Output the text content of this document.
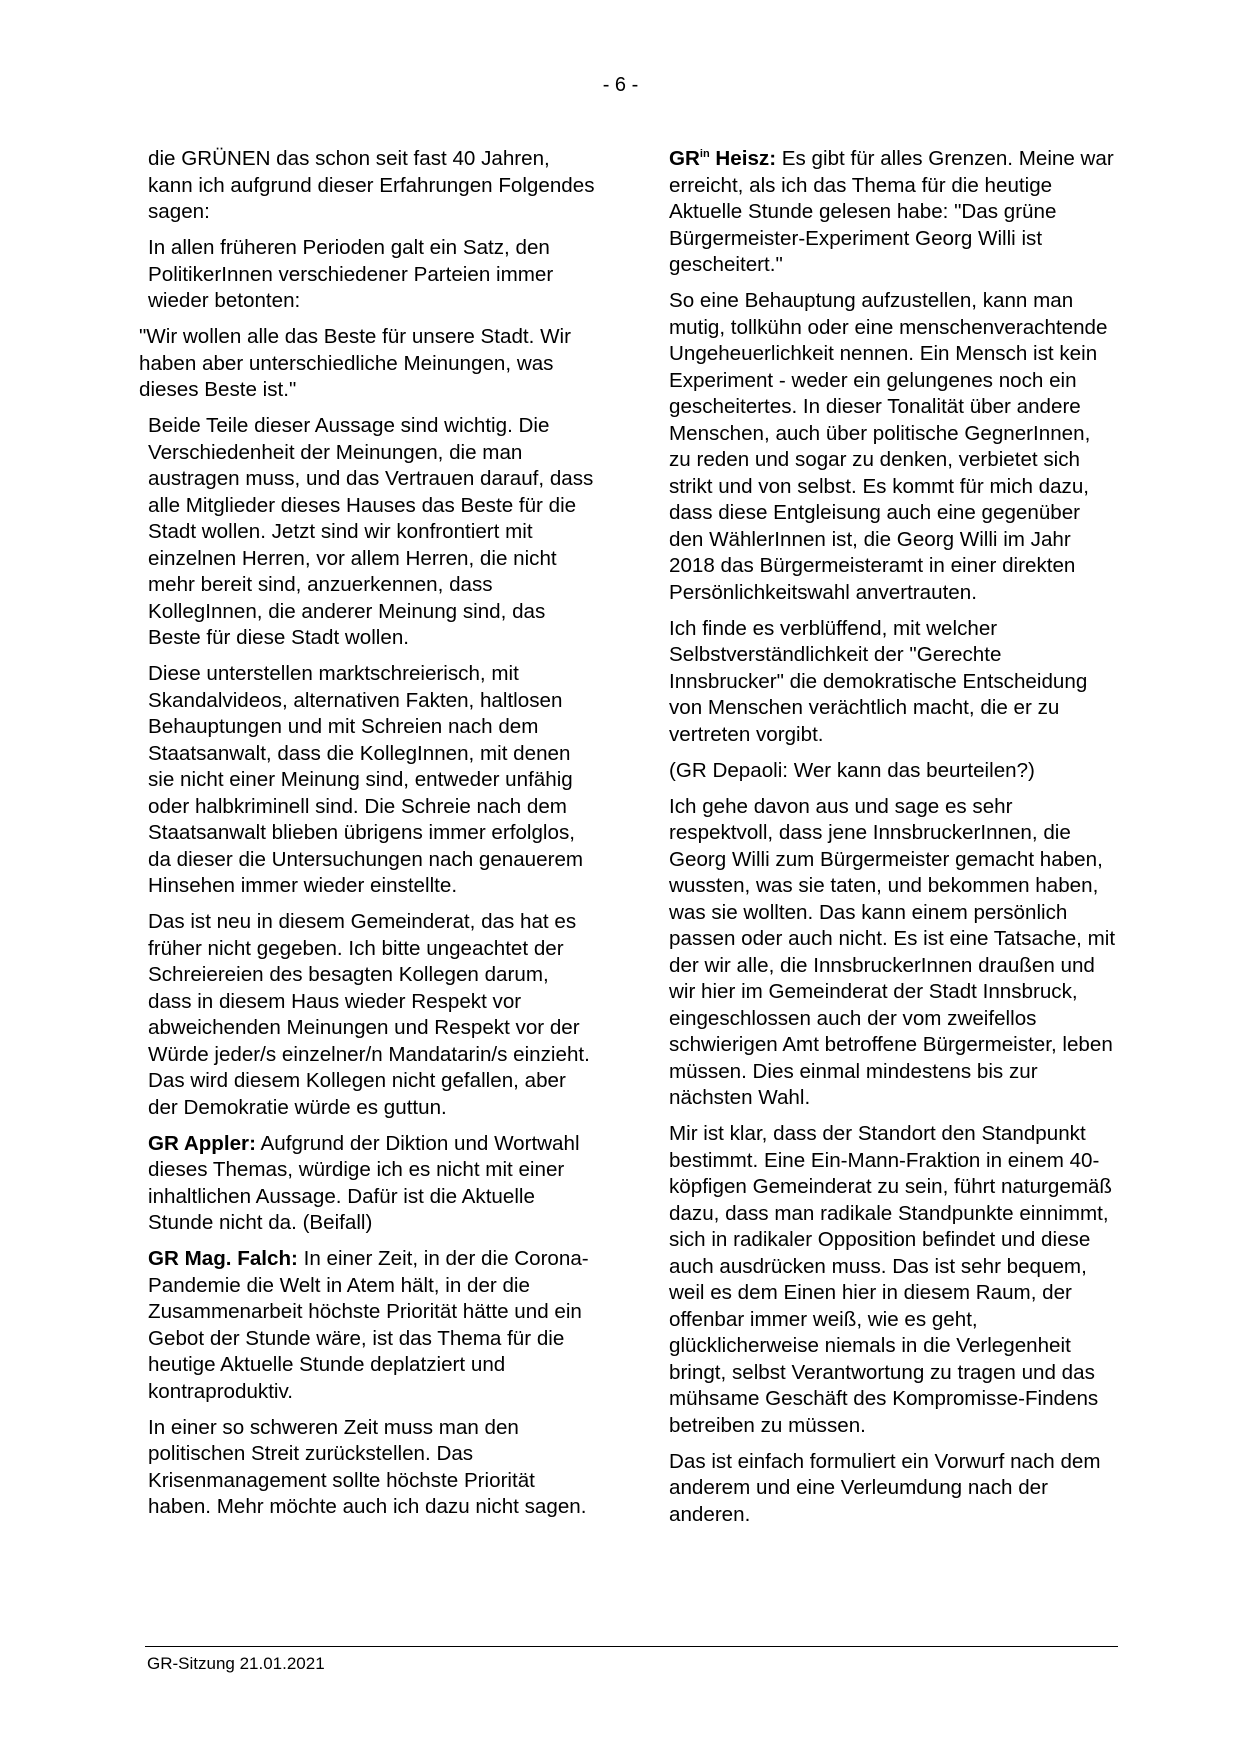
- 6 -

die GRÜNEN das schon seit fast 40 Jahren, kann ich aufgrund dieser Erfahrungen Folgendes sagen:

In allen früheren Perioden galt ein Satz, den PolitikerInnen verschiedener Parteien immer wieder betonten:

"Wir wollen alle das Beste für unsere Stadt. Wir haben aber unterschiedliche Meinungen, was dieses Beste ist."

Beide Teile dieser Aussage sind wichtig. Die Verschiedenheit der Meinungen, die man austragen muss, und das Vertrauen darauf, dass alle Mitglieder dieses Hauses das Beste für die Stadt wollen. Jetzt sind wir konfrontiert mit einzelnen Herren, vor allem Herren, die nicht mehr bereit sind, anzuerkennen, dass KollegInnen, die anderer Meinung sind, das Beste für diese Stadt wollen.

Diese unterstellen marktschreierisch, mit Skandalvideos, alternativen Fakten, haltlosen Behauptungen und mit Schreien nach dem Staatsanwalt, dass die KollegInnen, mit denen sie nicht einer Meinung sind, entweder unfähig oder halbkriminell sind. Die Schreie nach dem Staatsanwalt blieben übrigens immer erfolglos, da dieser die Untersuchungen nach genauerem Hinsehen immer wieder einstellte.

Das ist neu in diesem Gemeinderat, das hat es früher nicht gegeben. Ich bitte ungeachtet der Schreiereien des besagten Kollegen darum, dass in diesem Haus wieder Respekt vor abweichenden Meinungen und Respekt vor der Würde jeder/s einzelner/n Mandatarin/s einzieht. Das wird diesem Kollegen nicht gefallen, aber der Demokratie würde es guttun.

GR Appler: Aufgrund der Diktion und Wortwahl dieses Themas, würdige ich es nicht mit einer inhaltlichen Aussage. Dafür ist die Aktuelle Stunde nicht da. (Beifall)

GR Mag. Falch: In einer Zeit, in der die Corona-Pandemie die Welt in Atem hält, in der die Zusammenarbeit höchste Priorität hätte und ein Gebot der Stunde wäre, ist das Thema für die heutige Aktuelle Stunde deplatziert und kontraproduktiv.

In einer so schweren Zeit muss man den politischen Streit zurückstellen. Das Krisenmanagement sollte höchste Priorität haben. Mehr möchte auch ich dazu nicht sagen.

$GR^{in}$ Heisz: Es gibt für alles Grenzen. Meine war erreicht, als ich das Thema für die heutige Aktuelle Stunde gelesen habe: "Das grüne Bürgermeister-Experiment Georg Willi ist gescheitert."

So eine Behauptung aufzustellen, kann man mutig, tollkühn oder eine menschenverachtende Ungeheuerlichkeit nennen. Ein Mensch ist kein Experiment - weder ein gelungenes noch ein gescheitertes. In dieser Tonalität über andere Menschen, auch über politische GegnerInnen, zu reden und sogar zu denken, verbietet sich strikt und von selbst. Es kommt für mich dazu, dass diese Entgleisung auch eine gegenüber den WählerInnen ist, die Georg Willi im Jahr 2018 das Bürgermeisteramt in einer direkten Persönlichkeitswahl anvertrauten.

Ich finde es verblüffend, mit welcher Selbstverständlichkeit der "Gerechte Innsbrucker" die demokratische Entscheidung von Menschen verächtlich macht, die er zu vertreten vorgibt.

(GR Depaoli: Wer kann das beurteilen?)

Ich gehe davon aus und sage es sehr respektvoll, dass jene InnsbruckerInnen, die Georg Willi zum Bürgermeister gemacht haben, wussten, was sie taten, und bekommen haben, was sie wollten. Das kann einem persönlich passen oder auch nicht. Es ist eine Tatsache, mit der wir alle, die InnsbruckerInnen draußen und wir hier im Gemeinderat der Stadt Innsbruck, eingeschlossen auch der vom zweifellos schwierigen Amt betroffene Bürgermeister, leben müssen. Dies einmal mindestens bis zur nächsten Wahl.

Mir ist klar, dass der Standort den Standpunkt bestimmt. Eine Ein-Mann-Fraktion in einem 40-köpfigen Gemeinderat zu sein, führt naturgemäß dazu, dass man radikale Standpunkte einnimmt, sich in radikaler Opposition befindet und diese auch ausdrücken muss. Das ist sehr bequem, weil es dem Einen hier in diesem Raum, der offenbar immer weiß, wie es geht, glücklicherweise niemals in die Verlegenheit bringt, selbst Verantwortung zu tragen und das mühsame Geschäft des Kompromisse-Findens betreiben zu müssen.

Das ist einfach formuliert ein Vorwurf nach dem anderem und eine Verleumdung nach der anderen.

GR-Sitzung 21.01.2021
